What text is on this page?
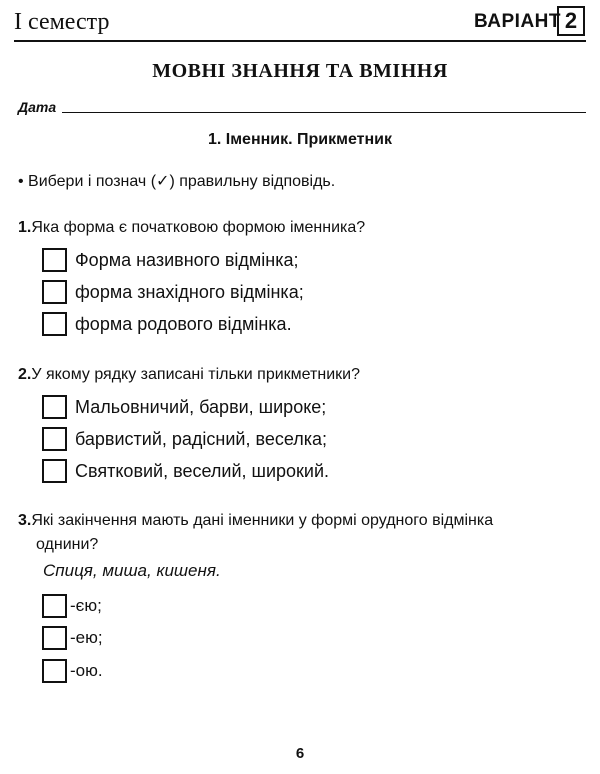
I семестр	ВАРІАНТ 2
МОВНІ ЗНАННЯ ТА ВМІННЯ
Дата
1. Іменник. Прикметник
• Вибери і познач (✓) правильну відповідь.
1.Яка форма є початковою формою іменника?
Форма називного відмінка;
форма знахідного відмінка;
форма родового відмінка.
2.У якому рядку записані тільки прикметники?
Мальовничий, барви, широке;
барвистий, радісний, веселка;
Святковий, веселий, широкий.
3.Які закінчення мають дані іменники у формі орудного відмінка
однини?
Спиця, миша, кишеня.
-єю;
-ею;
-ою.
6
